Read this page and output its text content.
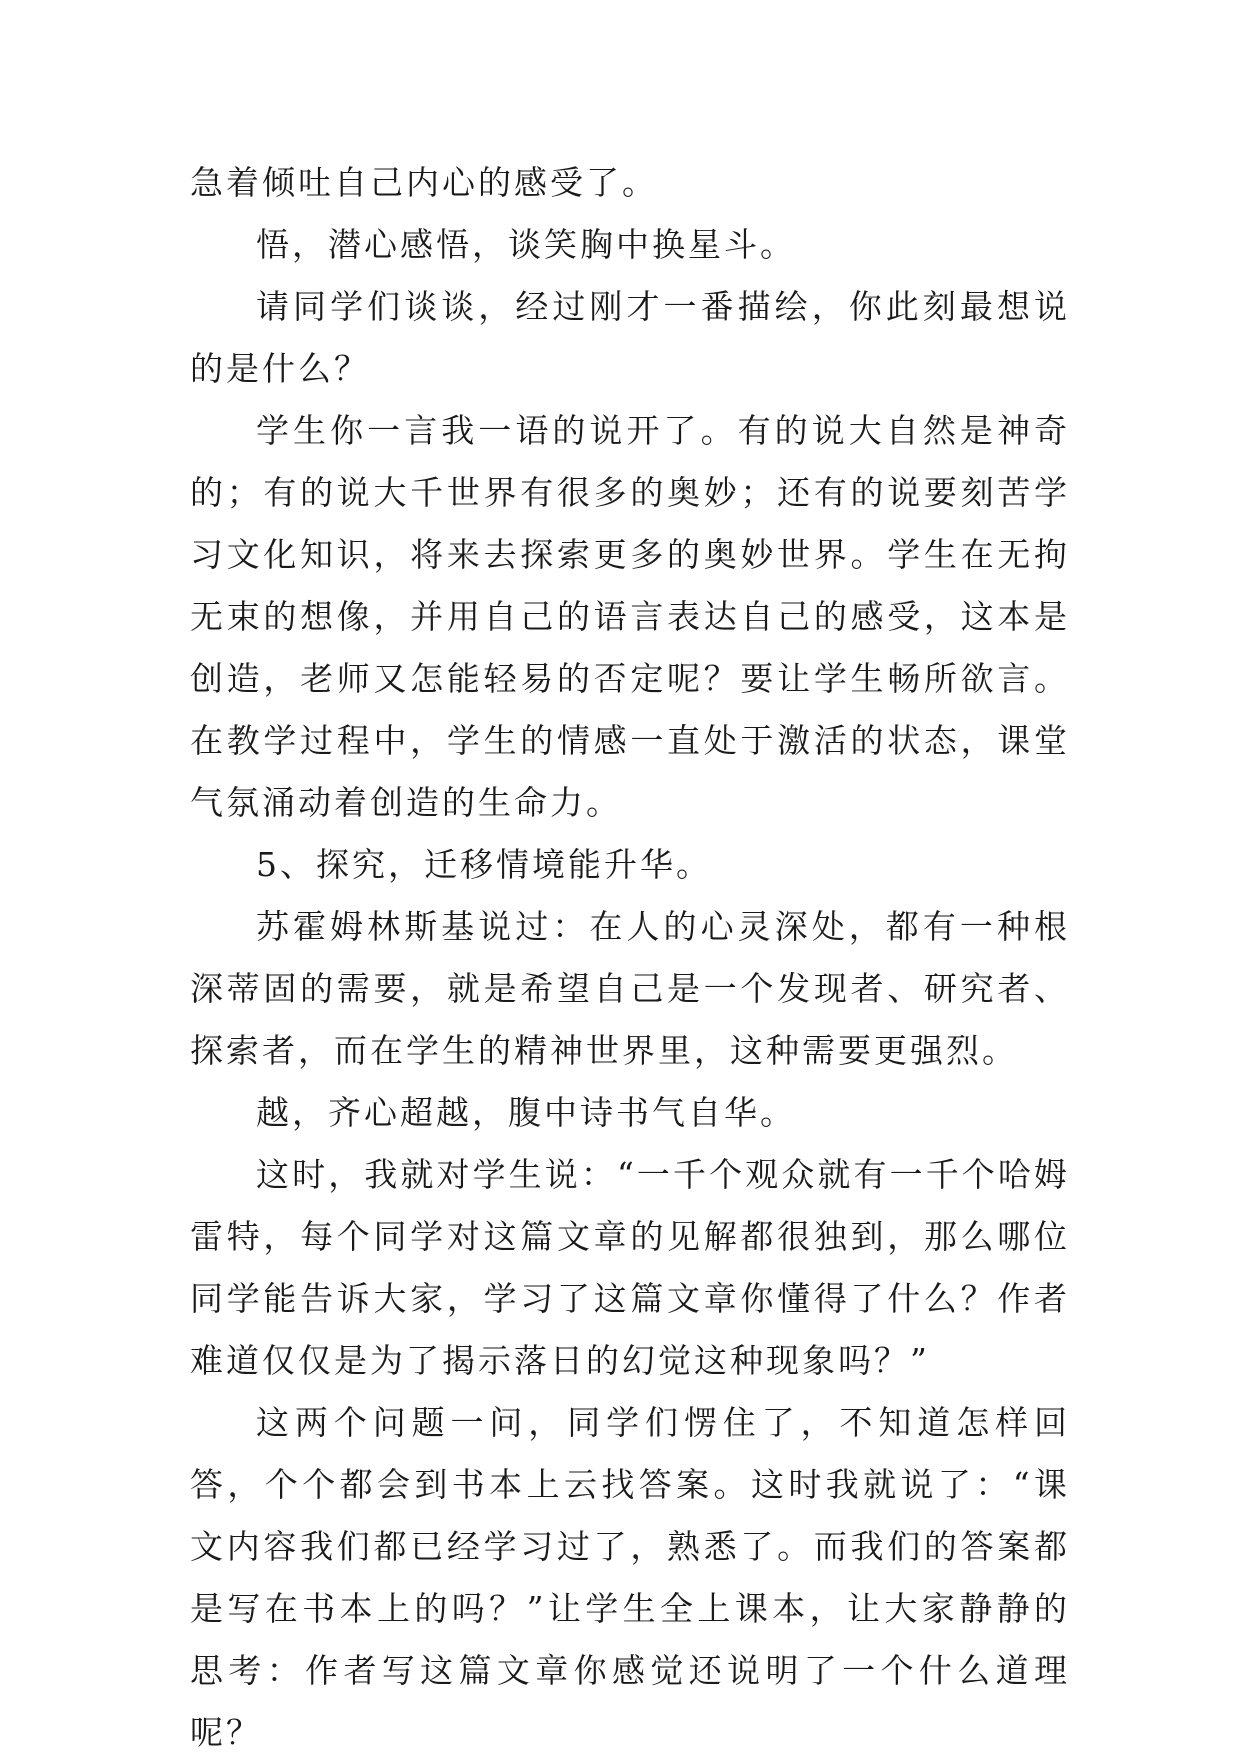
急着倾吐自己内心的感受了。

悟，潜心感悟，谈笑胸中换星斗。

请同学们谈谈，经过刚才一番描绘，你此刻最想说的是什么？

学生你一言我一语的说开了。有的说大自然是神奇的；有的说大千世界有很多的奥妙；还有的说要刻苦学习文化知识，将来去探索更多的奥妙世界。学生在无拘无束的想像，并用自己的语言表达自己的感受，这本是创造，老师又怎能轻易的否定呢？要让学生畅所欲言。在教学过程中，学生的情感一直处于激活的状态，课堂气氛涌动着创造的生命力。

5、探究，迁移情境能升华。

苏霍姆林斯基说过：在人的心灵深处，都有一种根深蒂固的需要，就是希望自己是一个发现者、研究者、探索者，而在学生的精神世界里，这种需要更强烈。

越，齐心超越，腹中诗书气自华。

这时，我就对学生说：“一千个观众就有一千个哈姆雷特，每个同学对这篇文章的见解都很独到，那么哪位同学能告诉大家，学习了这篇文章你懂得了什么？作者难道仅仅是为了揭示落日的幻觉这种现象吗？”

这两个问题一问，同学们愣住了，不知道怎样回答，个个都会到书本上云找答案。这时我就说了：“课文内容我们都已经学习过了，熟悉了。而我们的答案都是写在书本上的吗？”让学生全上课本，让大家静静的思考：作者写这篇文章你感觉还说明了一个什么道理呢？
